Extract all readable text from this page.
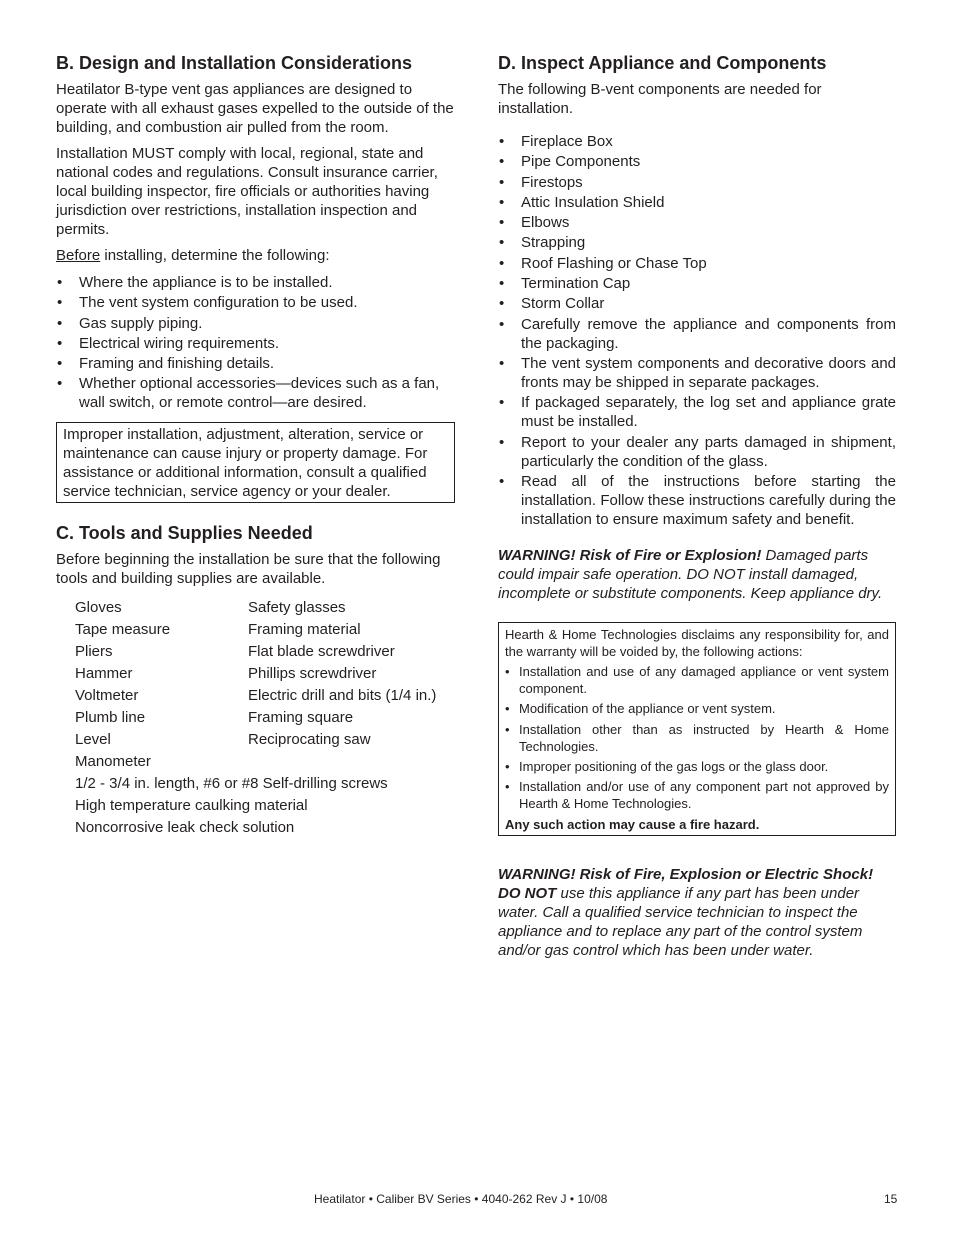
B. Design and Installation Considerations

Heatilator B-type vent gas appliances are designed to operate with all exhaust gases expelled to the outside of the building, and combustion air pulled from the room.

Installation MUST comply with local, regional, state and national codes and regulations. Consult insurance carrier, local building inspector, fire officials or authorities having jurisdiction over restrictions, installation inspection and permits.

Before installing, determine the following:

• Where the appliance is to be installed.
• The vent system configuration to be used.
• Gas supply piping.
• Electrical wiring requirements.
• Framing and finishing details.
• Whether optional accessories—devices such as a fan, wall switch, or remote control—are desired.
Improper installation, adjustment, alteration, service or maintenance can cause injury or property damage. For assistance or additional information, consult a qualified service technician, service agency or your dealer.
C. Tools and Supplies Needed

Before beginning the installation be sure that the following tools and building supplies are available.

Gloves	Safety glasses
Tape measure	Framing material
Pliers	Flat blade screwdriver
Hammer	Phillips screwdriver
Voltmeter	Electric drill and bits (1/4 in.)
Plumb line	Framing square
Level	Reciprocating saw
Manometer
1/2 - 3/4 in. length, #6 or #8 Self-drilling screws
High temperature caulking material
Noncorrosive leak check solution
D. Inspect Appliance and Components

The following B-vent components are needed for installation.

• Fireplace Box
• Pipe Components
• Firestops
• Attic Insulation Shield
• Elbows
• Strapping
• Roof Flashing or Chase Top
• Termination Cap
• Storm Collar
• Carefully remove the appliance and components from the packaging.
• The vent system components and decorative doors and fronts may be shipped in separate packages.
• If packaged separately, the log set and appliance grate must be installed.
• Report to your dealer any parts damaged in shipment, particularly the condition of the glass.
• Read all of the instructions before starting the installation. Follow these instructions carefully during the installation to ensure maximum safety and benefit.

WARNING! Risk of Fire or Explosion! Damaged parts could impair safe operation. DO NOT install damaged, incomplete or substitute components. Keep appliance dry.

Hearth & Home Technologies disclaims any responsibility for, and the warranty will be voided by, the following actions:

• Installation and use of any damaged appliance or vent system component.
• Modification of the appliance or vent system.
• Installation other than as instructed by Hearth & Home Technologies.
• Improper positioning of the gas logs or the glass door.
• Installation and/or use of any component part not approved by Hearth & Home Technologies.
Any such action may cause a fire hazard.

WARNING! Risk of Fire, Explosion or Electric Shock! DO NOT use this appliance if any part has been under water. Call a qualified service technician to inspect the appliance and to replace any part of the control system and/or gas control which has been under water.

Heatilator • Caliber BV Series • 4040-262 Rev J • 10/08	15
